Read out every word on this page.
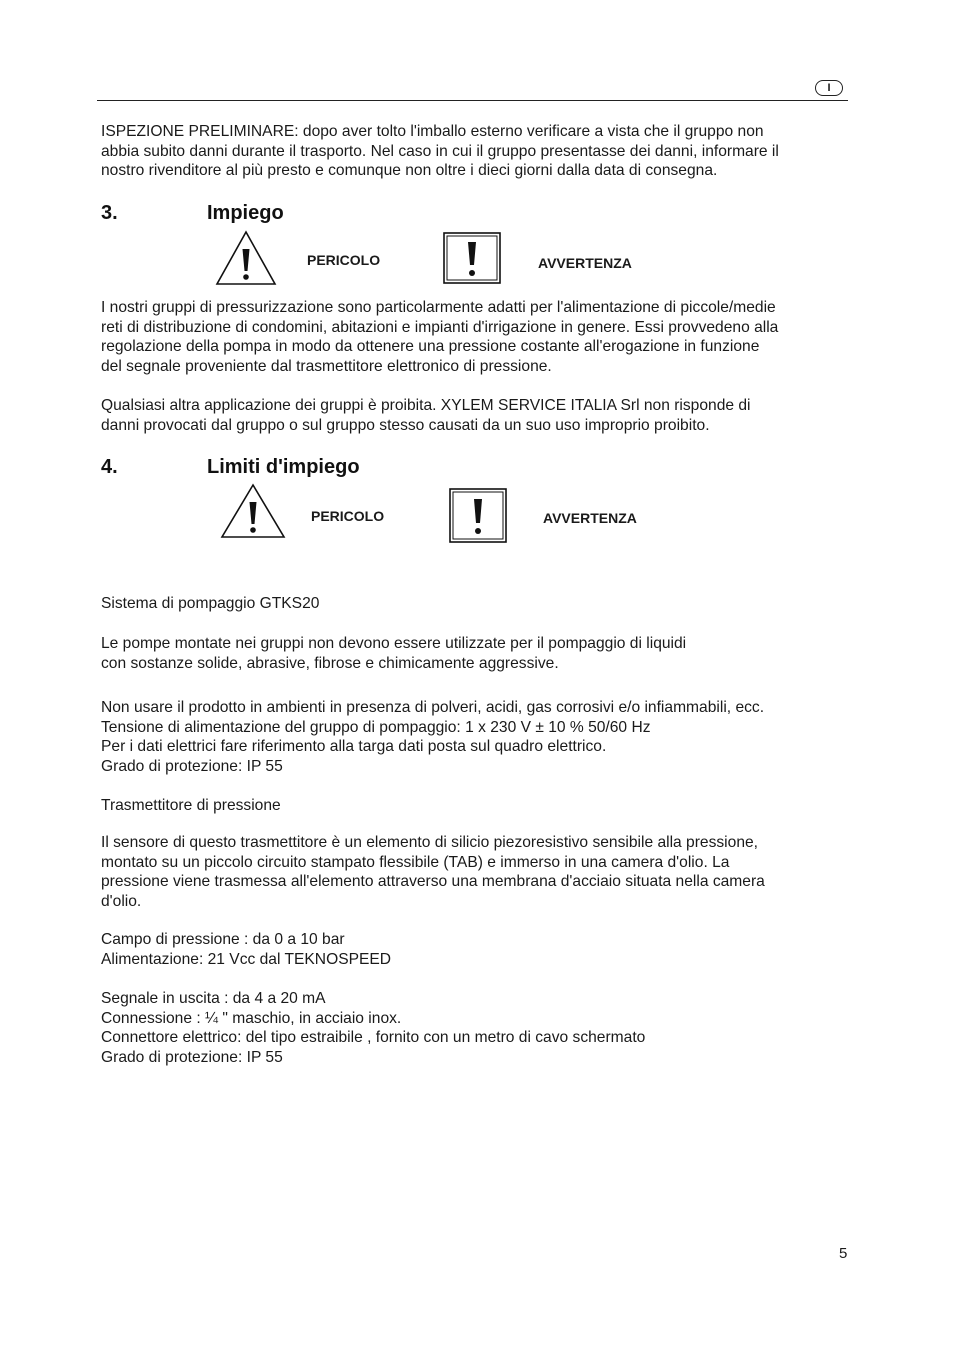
I
ISPEZIONE PRELIMINARE: dopo aver tolto l'imballo esterno verificare a vista che il gruppo non
abbia subito danni durante il trasporto. Nel caso in cui il gruppo presentasse dei danni, informare il
nostro rivenditore al più presto e comunque non oltre i dieci giorni dalla data di consegna.
3.	Impiego
PERICOLO	AVVERTENZA
I nostri gruppi di pressurizzazione sono particolarmente adatti per l'alimentazione di piccole/medie
reti di distribuzione di condomini, abitazioni e impianti d'irrigazione in genere. Essi provvedeno alla
regolazione della pompa in modo da ottenere una pressione costante all'erogazione in funzione
del segnale proveniente dal trasmettitore elettronico di pressione.
Qualsiasi altra applicazione dei gruppi è proibita. XYLEM SERVICE ITALIA Srl non risponde di
danni provocati dal gruppo o sul gruppo stesso causati da un suo uso improprio proibito.
4.	Limiti d'impiego
PERICOLO	AVVERTENZA
Sistema di pompaggio GTKS20
Le pompe montate nei gruppi non devono essere utilizzate per il pompaggio di liquidi
con sostanze solide, abrasive, fibrose e chimicamente aggressive.
Non usare il prodotto in ambienti in presenza di polveri, acidi, gas corrosivi e/o infiammabili, ecc.
Tensione di alimentazione del gruppo di pompaggio: 1 x 230 V ± 10 % 50/60 Hz
Per i dati elettrici fare riferimento alla targa dati posta sul quadro elettrico.
Grado di protezione: IP 55
Trasmettitore di pressione
Il sensore di questo trasmettitore è un elemento di silicio piezoresistivo sensibile alla pressione,
montato su un piccolo circuito stampato flessibile (TAB) e immerso in una camera d'olio. La
pressione viene trasmessa all'elemento attraverso una membrana d'acciaio situata nella camera
d'olio.
Campo di pressione : da 0 a 10 bar
Alimentazione: 21 Vcc dal TEKNOSPEED
Segnale in uscita : da 4 a 20 mA
Connessione : ¼ " maschio, in acciaio inox.
Connettore elettrico: del tipo estraibile , fornito con un metro di cavo schermato
Grado di protezione: IP 55
5
